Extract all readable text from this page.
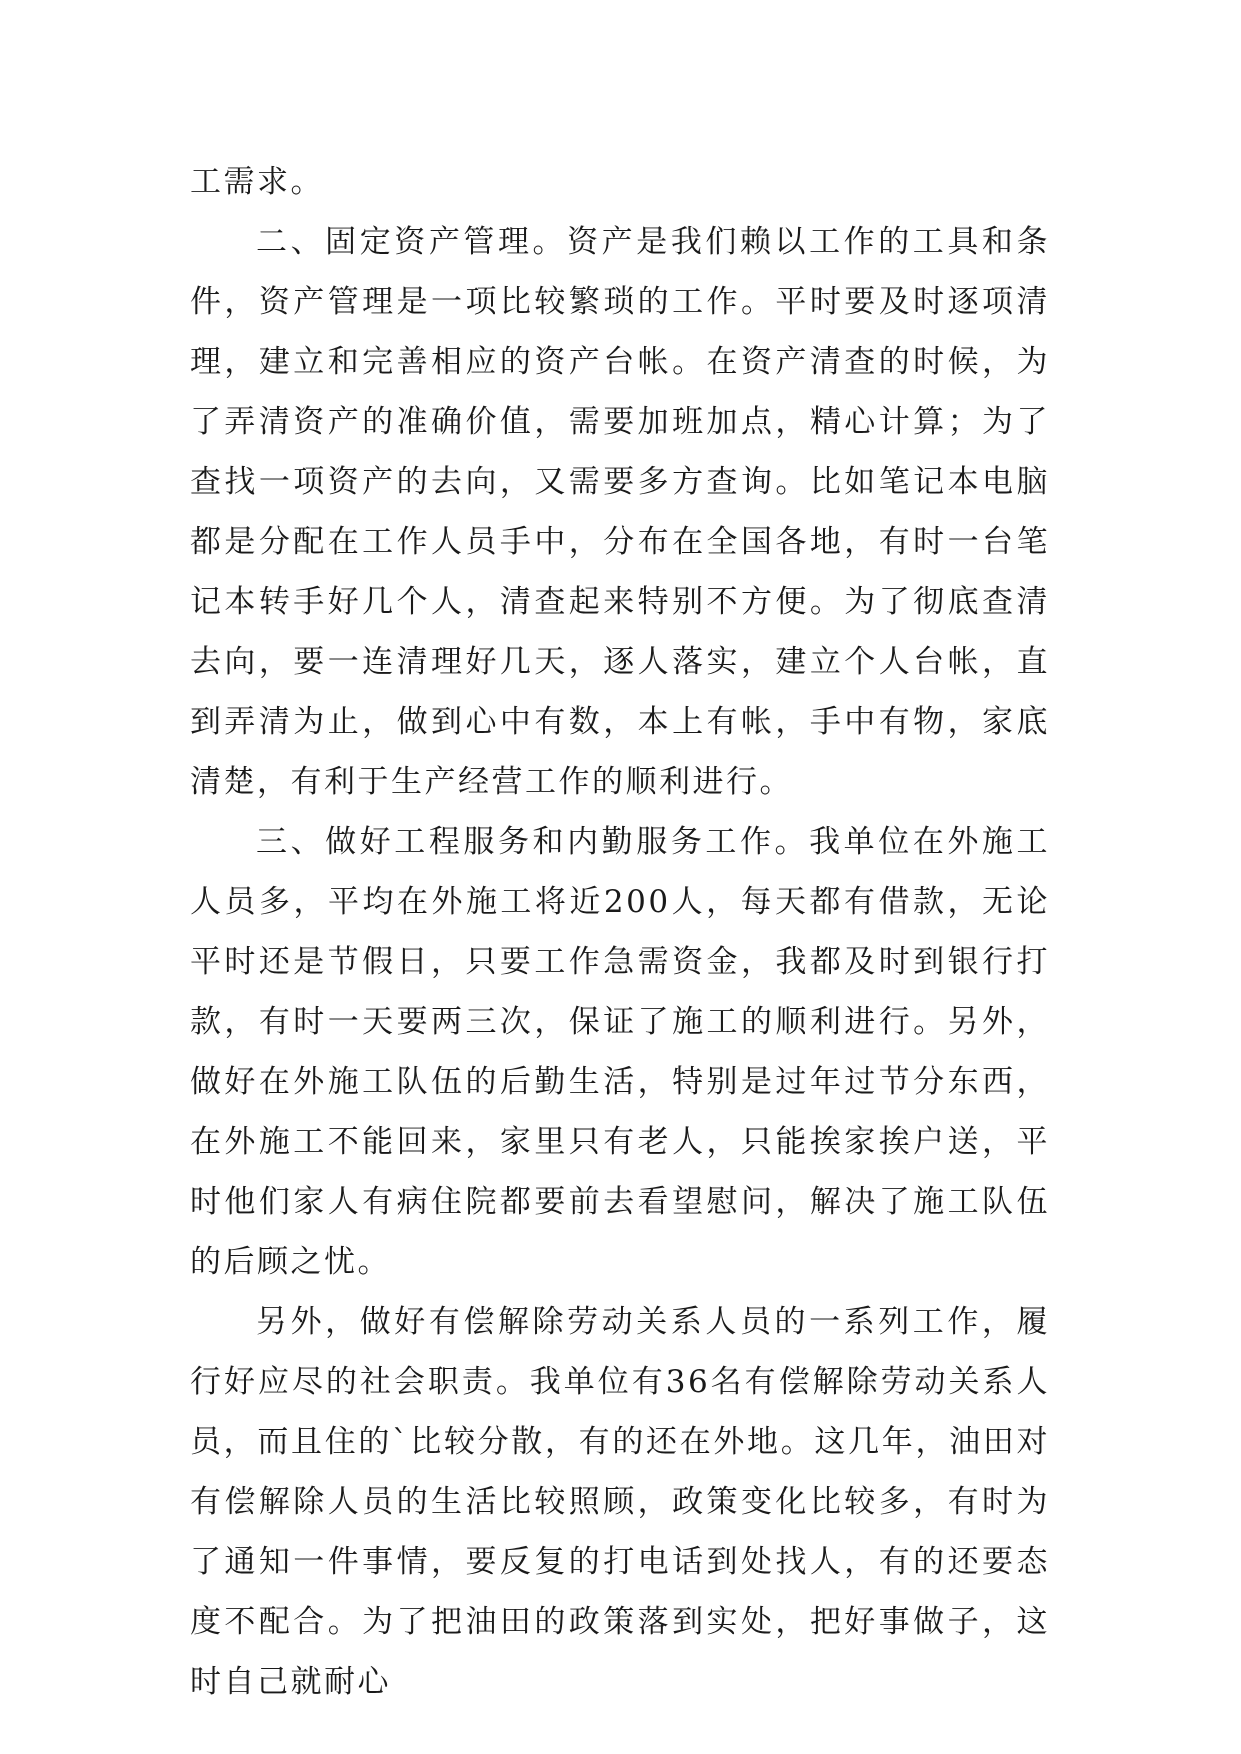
工需求。

二、固定资产管理。资产是我们赖以工作的工具和条件，资产管理是一项比较繁琐的工作。平时要及时逐项清理，建立和完善相应的资产台帐。在资产清查的时候，为了弄清资产的准确价值，需要加班加点，精心计算；为了查找一项资产的去向，又需要多方查询。比如笔记本电脑都是分配在工作人员手中，分布在全国各地，有时一台笔记本转手好几个人，清查起来特别不方便。为了彻底查清去向，要一连清理好几天，逐人落实，建立个人台帐，直到弄清为止，做到心中有数，本上有帐，手中有物，家底清楚，有利于生产经营工作的顺利进行。

三、做好工程服务和内勤服务工作。我单位在外施工人员多，平均在外施工将近200人，每天都有借款，无论平时还是节假日，只要工作急需资金，我都及时到银行打款，有时一天要两三次，保证了施工的顺利进行。另外，做好在外施工队伍的后勤生活，特别是过年过节分东西，在外施工不能回来，家里只有老人，只能挨家挨户送，平时他们家人有病住院都要前去看望慰问，解决了施工队伍的后顾之忧。

另外，做好有偿解除劳动关系人员的一系列工作，履行好应尽的社会职责。我单位有36名有偿解除劳动关系人员，而且住的`比较分散，有的还在外地。这几年，油田对有偿解除人员的生活比较照顾，政策变化比较多，有时为了通知一件事情，要反复的打电话到处找人，有的还要态度不配合。为了把油田的政策落到实处，把好事做子，这时自己就耐心
